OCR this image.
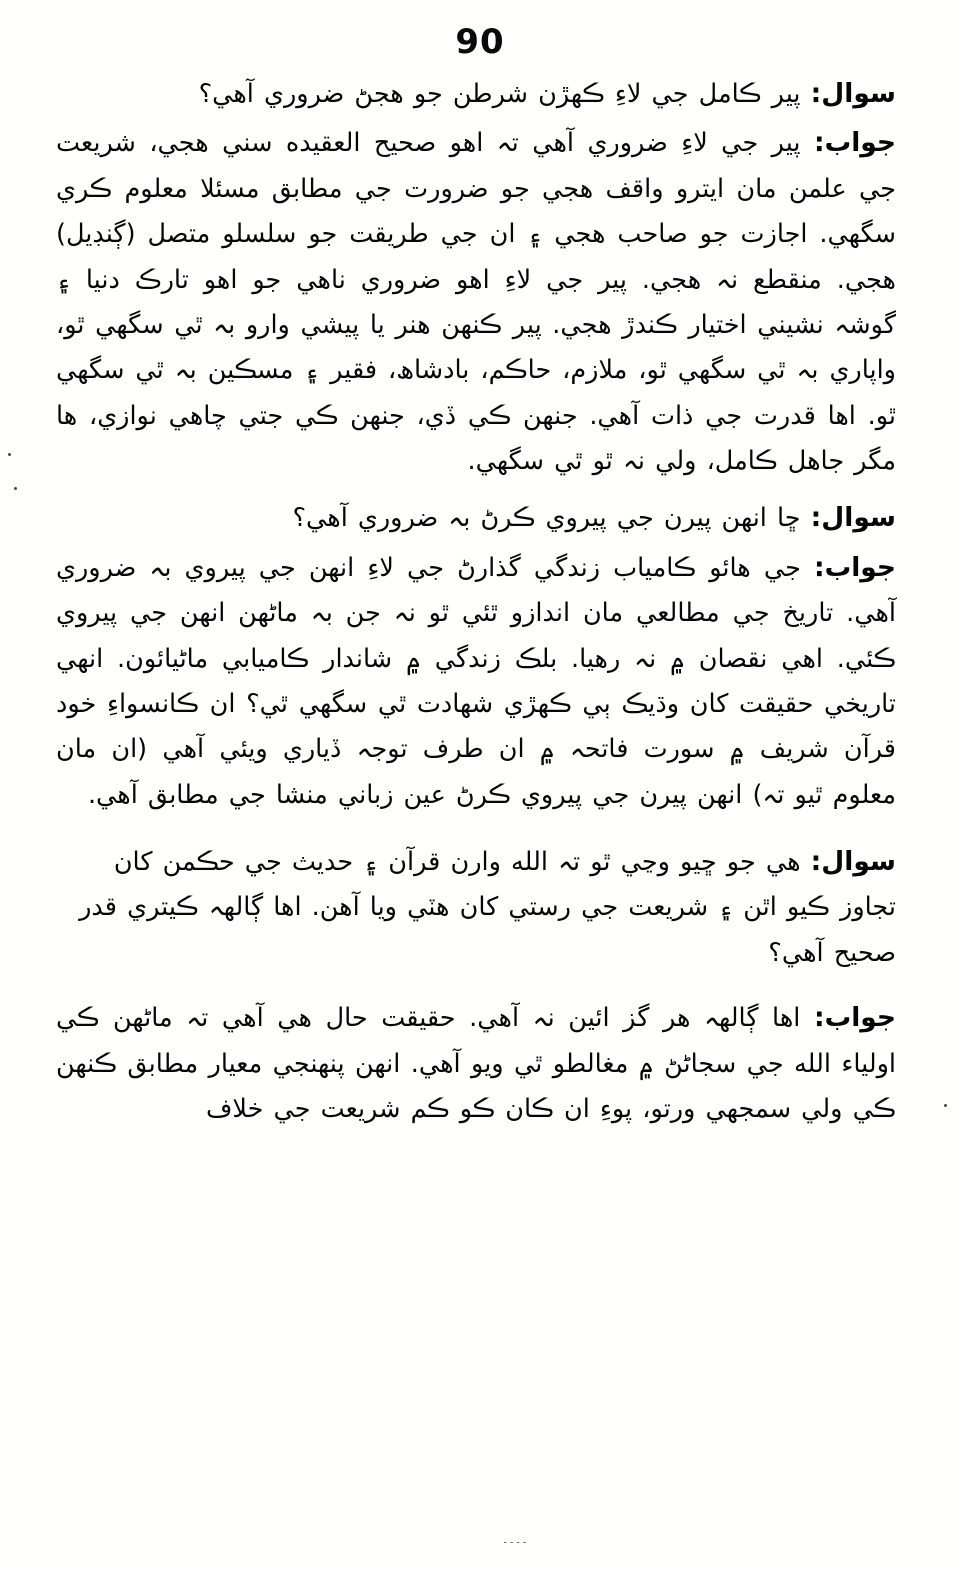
90

سوال: پير ڪامل جي لاءِ ڪهڙن شرطن جو هجڻ ضروري آهي؟

جواب: پير جي لاءِ ضروري آهي تہ اهو صحيح العقيده سني هجي، شريعت جي علمن مان ايترو واقف هجي جو ضرورت جي مطابق مسئلا معلوم ڪري سگهي. اجازت جو صاحب هجي ۽ ان جي طريقت جو سلسلو متصل (ڳنڊيل) هجي. منقطع نہ هجي. پير جي لاءِ اهو ضروري ناهي جو اهو تارڪ دنيا ۽ گوشہ نشيني اختيار ڪندڙ هجي. پير ڪنهن هنر يا پيشي وارو بہ ٿي سگهي ٿو، واپاري بہ ٿي سگهي ٿو، ملازم، حاڪم، بادشاھ، فقير ۽ مسڪين بہ ٿي سگهي ٿو. اها قدرت جي ذات آهي. جنهن ڪي ڏي، جنهن ڪي جتي چاهي نوازي، ها مگر جاهل ڪامل، ولي نہ ٿو ٿي سگهي.

سوال: ڇا انهن پيرن جي پيروي ڪرڻ بہ ضروري آهي؟

جواب: جي هائو ڪامياب زندگي گذارڻ جي لاءِ انهن جي پيروي بہ ضروري آهي. تاريخ جي مطالعي مان اندازو ٿئي ٿو نہ جن بہ ماڻهن انهن جي پيروي ڪئي. اهي نقصان ۾ نہ رهيا. بلڪ زندگي ۾ شاندار ڪاميابي ماڻيائون. انهي تاريخي حقيقت کان وڌيڪ ٻي ڪهڙي شهادت ٿي سگهي ٿي؟ ان ڪانسواءِ خود قرآن شريف ۾ سورت فاتحہ ۾ ان طرف توجہ ڏياري ويئي آهي (ان مان معلوم ٿيو تہ) انهن پيرن جي پيروي ڪرڻ عين زباني منشا جي مطابق آهي.

سوال: هي جو ڇيو وڃي ٿو تہ الله وارن قرآن ۽ حديث جي حڪمن کان تجاوز ڪيو اٿن ۽ شريعت جي رستي کان هٽي ويا آهن. اها ڳالھہ ڪيتري قدر صحيح آهي؟

جواب: اها ڳالھہ هر گز ائين نہ آهي. حقيقت حال هي آهي تہ ماڻهن ڪي اولياء الله جي سجاڻڻ ۾ مغالطو ٿي ويو آهي. انهن پنهنجي معيار مطابق ڪنهن ڪي ولي سمجهي ورتو، پوءِ ان ڪان ڪو ڪم شريعت جي خلاف

۔۔۔۔
